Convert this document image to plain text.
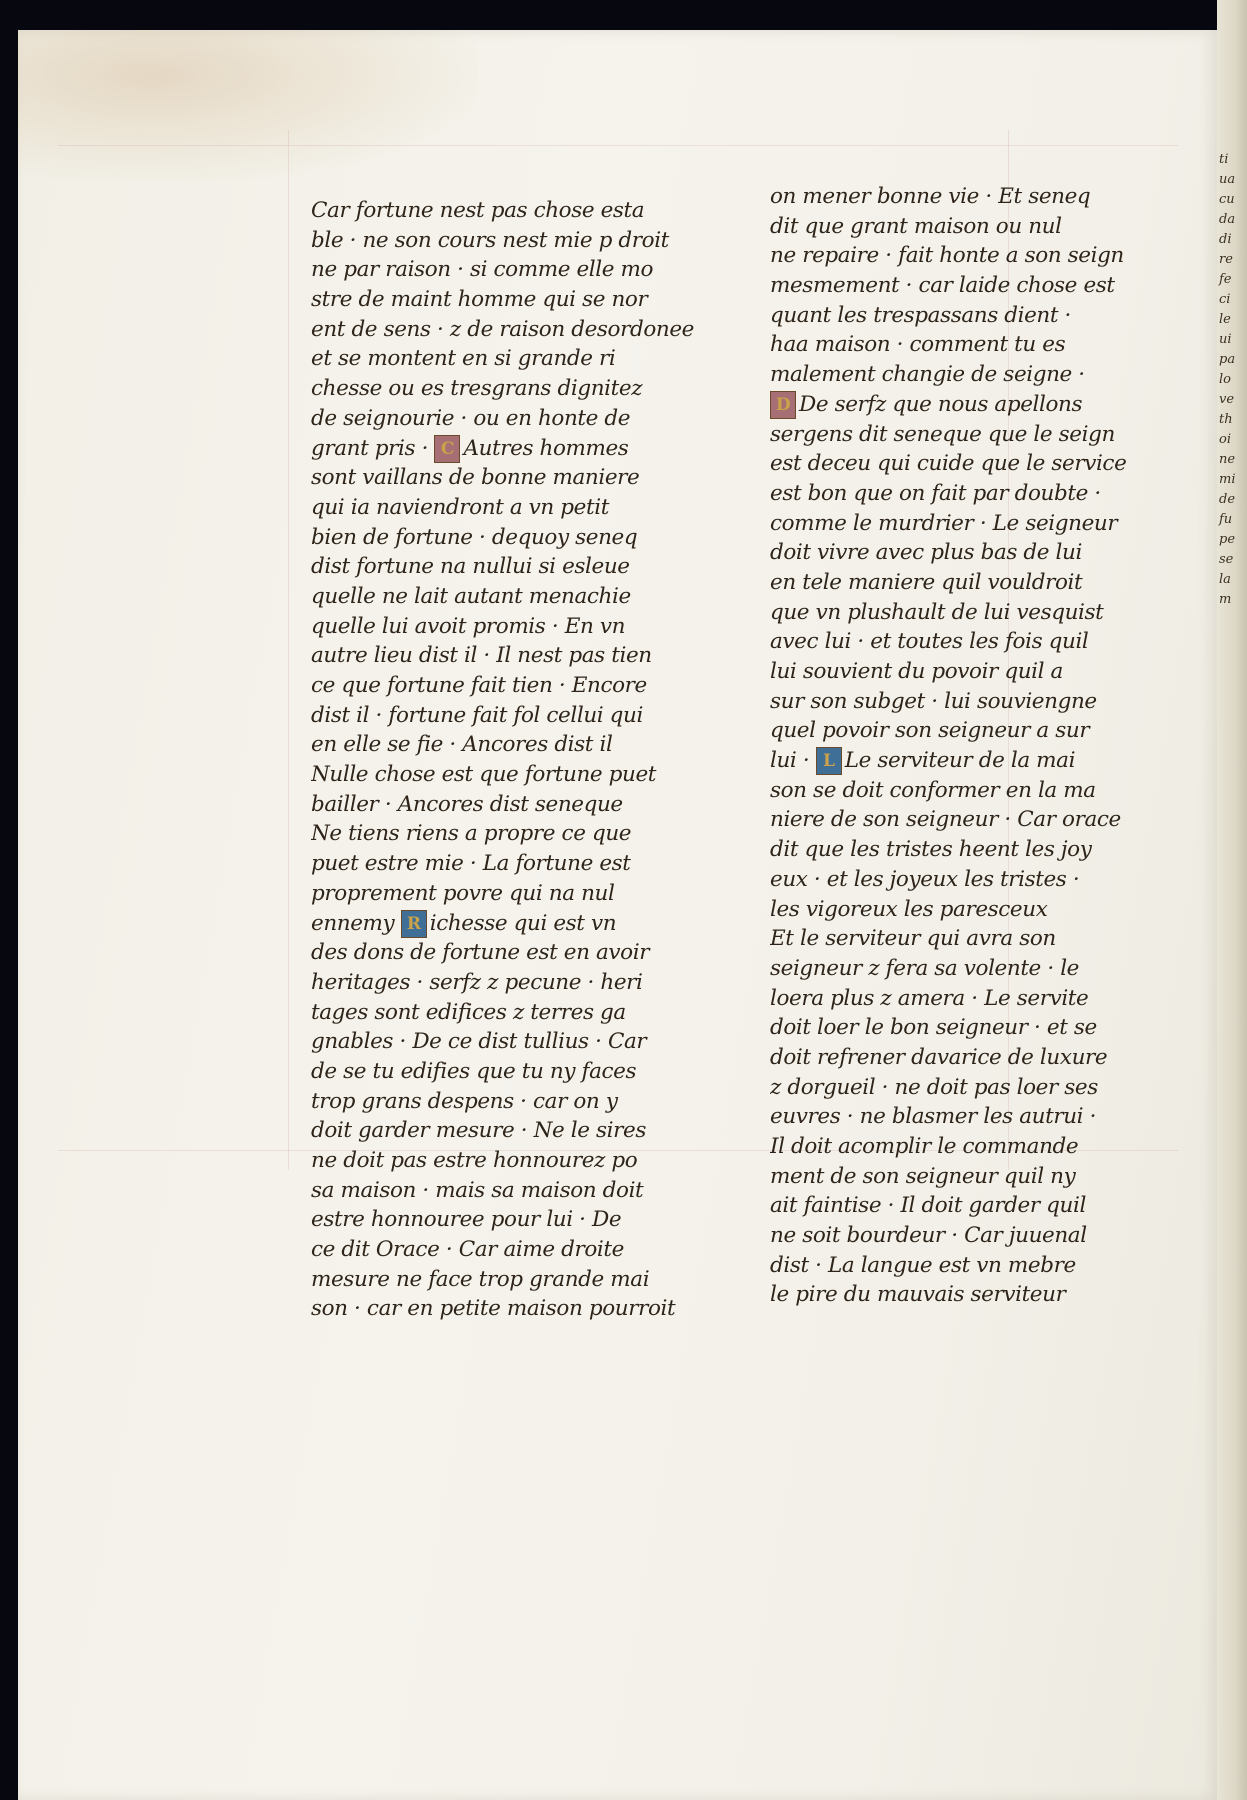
Car fortune nest pas chose esta
ble · ne son cours nest mie p droit
ne par raison · si comme elle mo
stre de maint homme qui se nor
ent de sens · z de raison desordonee
et se montent en si grande ri
chesse ou es tresgrans dignitez
de seignourie · ou en honte de
grant pris · C Autres hommes
sont vaillans de bonne maniere
qui ia naviendront a vn petit
bien de fortune · dequoy seneq
dist fortune na nullui si esleue
quelle ne lait autant menachie
quelle lui avoit promis · En vn
autre lieu dist il · Il nest pas tien
ce que fortune fait tien · Encore
dist il · fortune fait fol cellui qui
en elle se fie · Ancores dist il
Nulle chose est que fortune puet
bailler · Ancores dist seneque
Ne tiens riens a propre ce que
puet estre mie · La fortune est
proprement povre qui na nul
ennemy R ichesse qui est vn
des dons de fortune est en avoir
heritages · serfz z pecune · heri
tages sont edifices z terres ga
gnables · De ce dist tullius · Car
de se tu edifies que tu ny faces
trop grans despens · car on y
doit garder mesure · Ne le sires
ne doit pas estre honnourez po
sa maison · mais sa maison doit
estre honnouree pour lui · De
ce dit Orace · Car aime droite
mesure ne face trop grande mai
son · car en petite maison pourroit
on mener bonne vie · Et seneq
dit que grant maison ou nul
ne repaire · fait honte a son seign
mesmement · car laide chose est
quant les trespassans dient ·
haa maison · comment tu es
malement changie de seigne ·
D De serfz que nous apellons
sergens dit seneque que le seign
est deceu qui cuide que le service
est bon que on fait par doubte ·
comme le murdrier · Le seigneur
doit vivre avec plus bas de lui
en tele maniere quil vouldroit
que vn plushault de lui vesquist
avec lui · et toutes les fois quil
lui souvient du povoir quil a
sur son subget · lui souviengne
quel povoir son seigneur a sur
lui · L Le serviteur de la mai
son se doit conformer en la ma
niere de son seigneur · Car orace
dit que les tristes heent les joy
eux · et les joyeux les tristes ·
les vigoreux les paresceux
Et le serviteur qui avra son
seigneur z fera sa volente · le
loera plus z amera · Le servite
doit loer le bon seigneur · et se
doit refrener davarice de luxure
z dorgueil · ne doit pas loer ses
euvres · ne blasmer les autrui ·
Il doit acomplir le commande
ment de son seigneur quil ny
ait faintise · Il doit garder quil
ne soit bourdeur · Car juuenal
dist · La langue est vn mebre
le pire du mauvais serviteur
ti
ua
cu
da
di
re
fe
ci
le
ui
pa
lo
ve
th
oi
ne
mi
de
fu
pe
se
la
m
